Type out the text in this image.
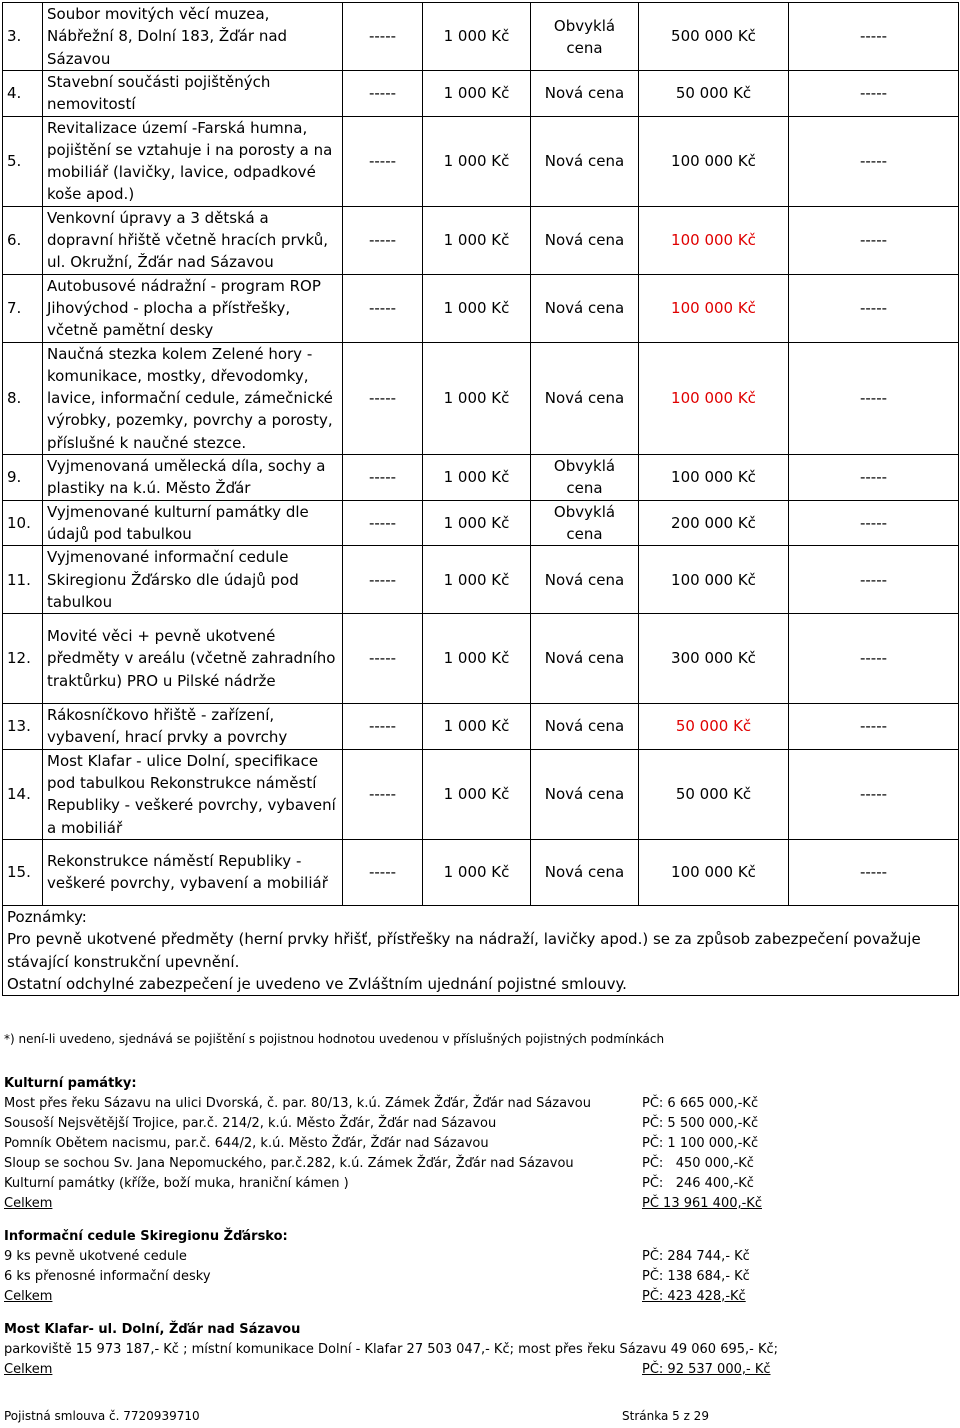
3.	Soubor movitých věcí muzea, Nábřežní 8, Dolní 183, Žďár nad Sázavou	-----	1 000 Kč	Obvyklá cena	500 000 Kč	-----
4.	Stavební součásti pojištěných nemovitostí	-----	1 000 Kč	Nová cena	50 000 Kč	-----
5.	Revitalizace území -Farská humna, pojištění se vztahuje i na porosty a na mobiliář (lavičky, lavice, odpadkové koše apod.)	-----	1 000 Kč	Nová cena	100 000 Kč	-----
6.	Venkovní úpravy a 3 dětská a dopravní hřiště včetně hracích prvků, ul. Okružní, Žďár nad Sázavou	-----	1 000 Kč	Nová cena	100 000 Kč	-----
7.	Autobusové nádražní - program ROP Jihovýchod - plocha a přístřešky, včetně pamětní desky	-----	1 000 Kč	Nová cena	100 000 Kč	-----
8.	Naučná stezka kolem Zelené hory - komunikace, mostky, dřevodomky, lavice, informační cedule, zámečnické výrobky, pozemky, povrchy a porosty, příslušné k naučné stezce.	-----	1 000 Kč	Nová cena	100 000 Kč	-----
9.	Vyjmenovaná umělecká díla, sochy a plastiky na k.ú. Město Žďár	-----	1 000 Kč	Obvyklá cena	100 000 Kč	-----
10.	Vyjmenované kulturní památky dle údajů pod tabulkou	-----	1 000 Kč	Obvyklá cena	200 000 Kč	-----
11.	Vyjmenované informační cedule Skiregionu Žďársko dle údajů pod tabulkou	-----	1 000 Kč	Nová cena	100 000 Kč	-----
12.	Movité věci + pevně ukotvené předměty v areálu (včetně zahradního traktůrku) PRO u Pilské nádrže	-----	1 000 Kč	Nová cena	300 000 Kč	-----
13.	Rákosníčkovo hřiště - zařízení, vybavení, hrací prvky a povrchy	-----	1 000 Kč	Nová cena	50 000 Kč	-----
14.	Most Klafar - ulice Dolní, specifikace pod tabulkou Rekonstrukce náměstí Republiky - veškeré povrchy, vybavení a mobiliář	-----	1 000 Kč	Nová cena	50 000 Kč	-----
15.	Rekonstrukce náměstí Republiky - veškeré povrchy, vybavení a mobiliář	-----	1 000 Kč	Nová cena	100 000 Kč	-----

Poznámky:
Pro pevně ukotvené předměty (herní prvky hřišť, přístřešky na nádraží, lavičky apod.) se za způsob zabezpečení považuje stávající konstrukční upevnění.
Ostatní odchylné zabezpečení je uvedeno ve Zvláštním ujednání pojistné smlouvy.						
*) není-li uvedeno, sjednává se pojištění s pojistnou hodnotou uvedenou v příslušných pojistných podmínkách
Kulturní památky:
Most přes řeku Sázavu na ulici Dvorská, č. par. 80/13, k.ú. Zámek Žďár, Žďár nad Sázavou	PČ: 6 665 000,-Kč
Sousoší Nejsvětější Trojice, par.č. 214/2, k.ú. Město Žďár, Žďár nad Sázavou	PČ: 5 500 000,-Kč
Pomník Obětem nacismu, par.č. 644/2, k.ú. Město Žďár, Žďár nad Sázavou	PČ: 1 100 000,-Kč
Sloup se sochou Sv. Jana Nepomuckého, par.č.282, k.ú. Zámek Žďár, Žďár nad Sázavou	PČ:   450 000,-Kč
Kulturní památky (kříže, boží muka, hraniční kámen )	PČ:   246 400,-Kč
Celkem	PČ 13 961 400,-Kč
Informační cedule Skiregionu Žďársko:
9 ks pevně ukotvené cedule	PČ: 284 744,- Kč
6 ks přenosné informační desky	PČ: 138 684,- Kč
Celkem	PČ: 423 428,-Kč
Most Klafar- ul. Dolní, Žďár nad Sázavou
parkoviště 15 973 187,- Kč ; místní komunikace Dolní - Klafar 27 503 047,- Kč; most přes řeku Sázavu 49 060 695,- Kč;
Celkem	PČ: 92 537 000,- Kč
Pojistná smlouva č. 7720939710	Stránka 5 z 29
